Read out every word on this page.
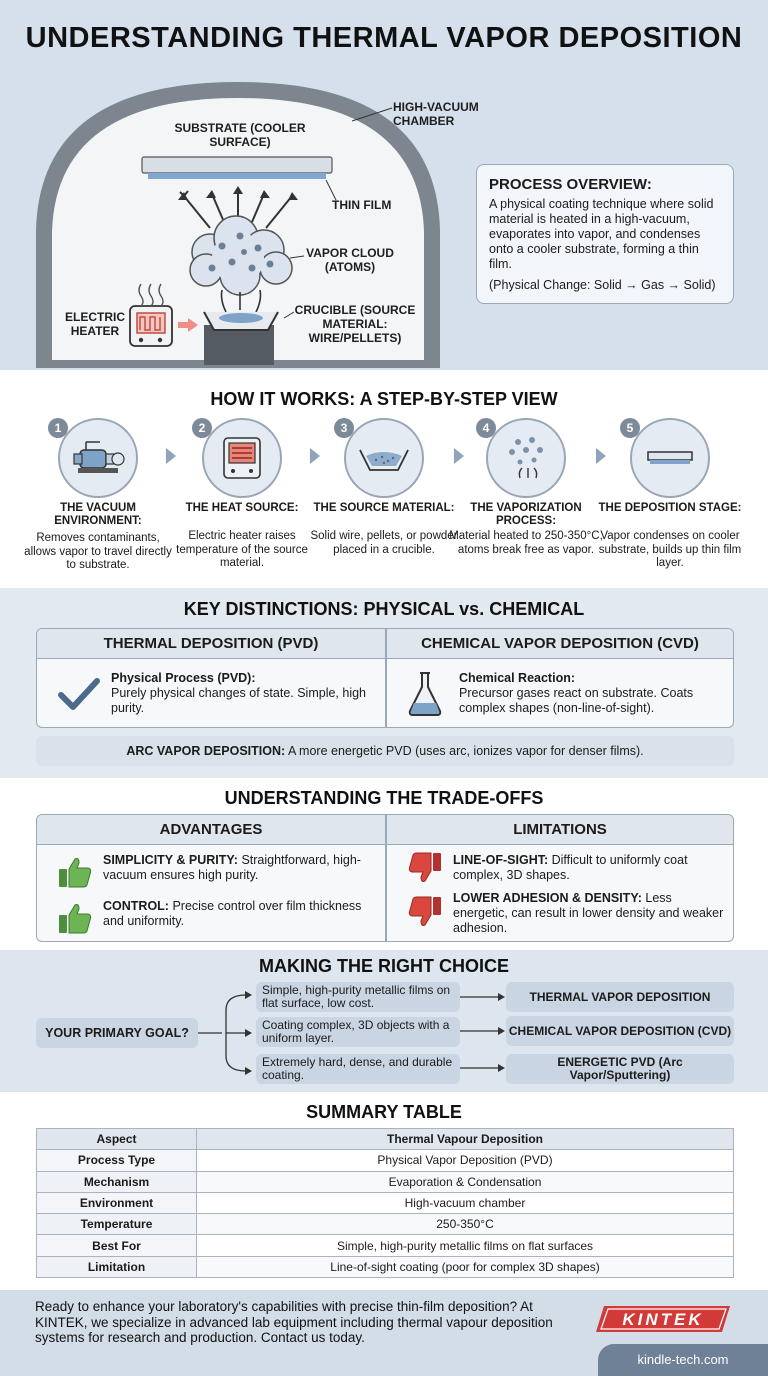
UNDERSTANDING THERMAL VAPOR DEPOSITION
HIGH-VACUUM CHAMBER
SUBSTRATE (COOLER SURFACE)
THIN FILM
VAPOR CLOUD (ATOMS)
ELECTRIC HEATER
CRUCIBLE (SOURCE MATERIAL: WIRE/PELLETS)
PROCESS OVERVIEW:

A physical coating technique where solid material is heated in a high-vacuum, evaporates into vapor, and condenses onto a cooler substrate, forming a thin film.

(Physical Change: Solid → Gas → Solid)

HOW IT WORKS: A STEP-BY-STEP VIEW
1
THE VACUUM ENVIRONMENT:
Removes contaminants, allows vapor to travel directly to substrate.
2
THE HEAT SOURCE:
Electric heater raises temperature of the source material.
3
THE SOURCE MATERIAL:
Solid wire, pellets, or powder placed in a crucible.
4
THE VAPORIZATION PROCESS:
Material heated to 250-350°C, atoms break free as vapor.
5
THE DEPOSITION STAGE:
Vapor condenses on cooler substrate, builds up thin film layer.
KEY DISTINCTIONS: PHYSICAL vs. CHEMICAL
THERMAL DEPOSITION (PVD)	CHEMICAL VAPOR DEPOSITION (CVD)
Physical Process (PVD):
Purely physical changes of state. Simple, high purity.
Chemical Reaction:
Precursor gases react on substrate. Coats complex shapes (non-line-of-sight).
ARC VAPOR DEPOSITION: A more energetic PVD (uses arc, ionizes vapor for denser films).
UNDERSTANDING THE TRADE-OFFS
ADVANTAGES	LIMITATIONS
SIMPLICITY & PURITY: Straightforward, high-vacuum ensures high purity.
CONTROL: Precise control over film thickness and uniformity.
LINE-OF-SIGHT: Difficult to uniformly coat complex, 3D shapes.
LOWER ADHESION & DENSITY: Less energetic, can result in lower density and weaker adhesion.
MAKING THE RIGHT CHOICE
YOUR PRIMARY GOAL?
Simple, high-purity metallic films on flat surface, low cost.
Coating complex, 3D objects with a uniform layer.
Extremely hard, dense, and durable coating.
THERMAL VAPOR DEPOSITION
CHEMICAL VAPOR DEPOSITION (CVD)
ENERGETIC PVD (Arc Vapor/Sputtering)
SUMMARY TABLE
Aspect	Thermal Vapour Deposition
Process Type	Physical Vapor Deposition (PVD)
Mechanism	Evaporation & Condensation
Environment	High-vacuum chamber
Temperature	250-350°C
Best For	Simple, high-purity metallic films on flat surfaces
Limitation	Line-of-sight coating (poor for complex 3D shapes)
Ready to enhance your laboratory's capabilities with precise thin-film deposition? At KINTEK, we specialize in advanced lab equipment including thermal vapour deposition systems for research and production. Contact us today.
KINTEK
kindle-tech.com
